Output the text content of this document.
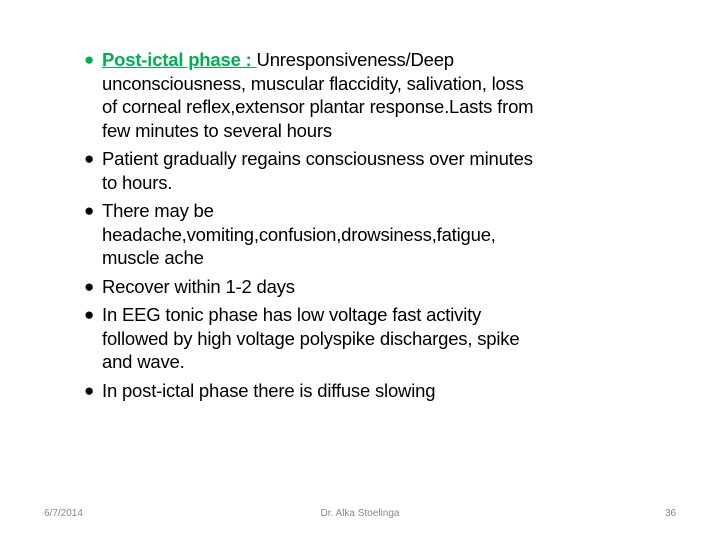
● Post-ictal phase : Unresponsiveness/Deep
unconsciousness, muscular flaccidity, salivation, loss
of corneal reflex,extensor plantar response.Lasts from
few minutes to several hours
● Patient gradually regains consciousness over minutes
to hours.
● There may be
headache,vomiting,confusion,drowsiness,fatigue,
muscle ache
● Recover within 1-2 days
● In EEG tonic phase has low voltage fast activity
followed by high voltage polyspike discharges, spike
and wave.
● In post-ictal phase there is diffuse slowing
6/7/2014	Dr. Alka Stoelinga	36
